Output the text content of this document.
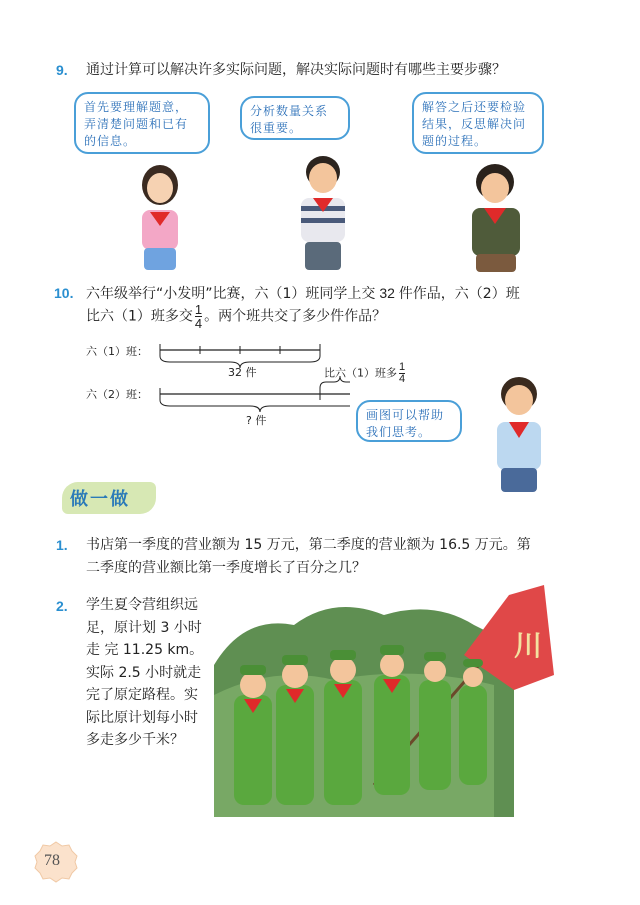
9. 通过计算可以解决许多实际问题，解决实际问题时有哪些主要步骤？
首先要理解题意，弄清楚问题和已有的信息。
分析数量关系很重要。
解答之后还要检验结果，反思解决问题的过程。
10. 六年级举行“小发明”比赛，六（1）班同学上交 32 件作品，六（2）班
比六（1）班多交 $\frac{1}{4}$ 。两个班共交了多少件作品？
六（1）班：
六（2）班：
32 件	比六（1）班多 $\frac{1}{4}$
? 件	画图可以帮助我们思考。
做一做
1. 书店第一季度的营业额为 15 万元，第二季度的营业额为 16.5 万元。第
二季度的营业额比第一季度增长了百分之几？
2. 学生夏令营组织远
足，原计划 3 小时
走 完 11.25 km。
实际 2.5 小时就走
完了原定路程。实
际比原计划每小时
多走多少千米？
川
78
